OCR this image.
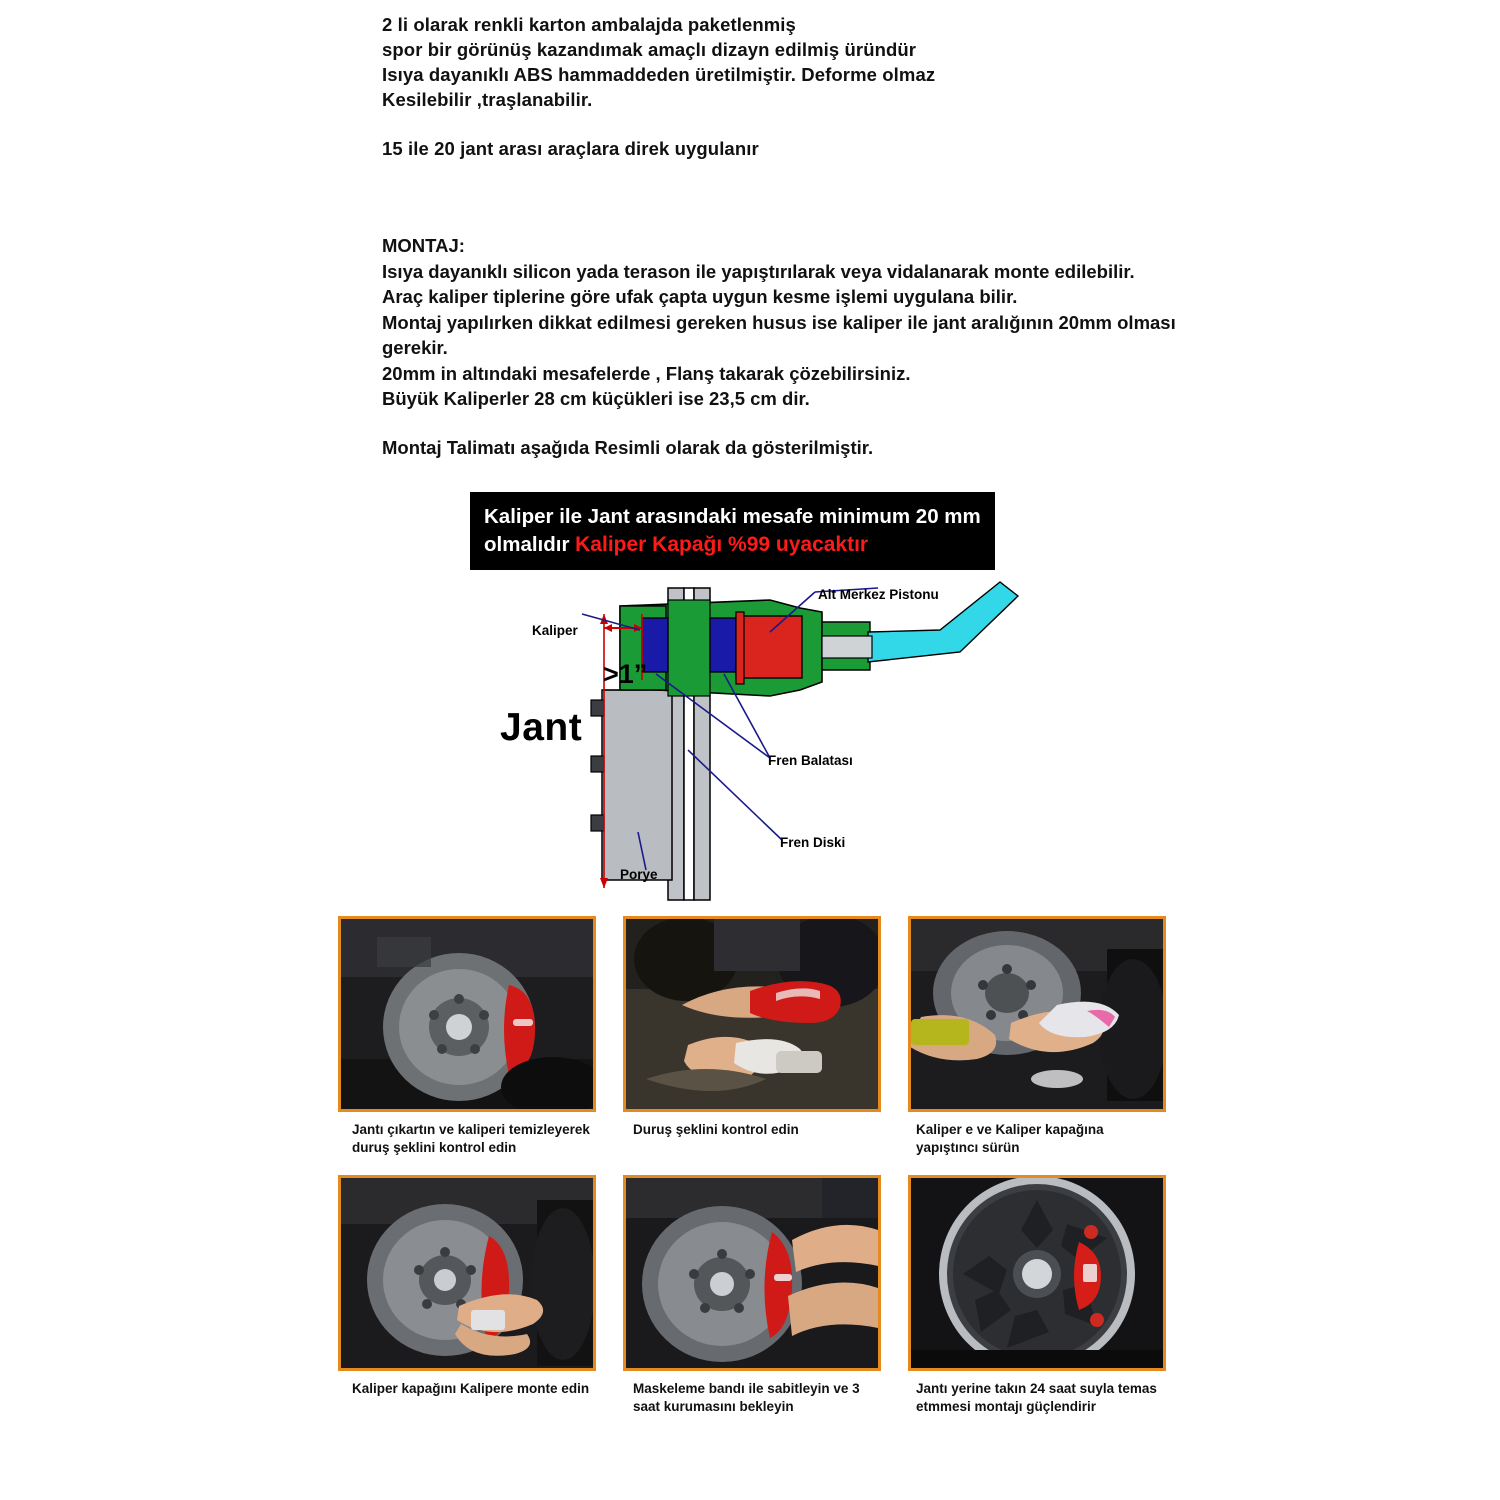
2 li olarak renkli karton ambalajda paketlenmiş

spor bir görünüş kazandımak amaçlı dizayn edilmiş üründür

Isıya dayanıklı ABS hammaddeden üretilmiştir. Deforme olmaz

Kesilebilir ,traşlanabilir.

15 ile 20 jant arası araçlara direk uygulanır

MONTAJ:

Isıya dayanıklı silicon yada terason ile yapıştırılarak veya vidalanarak monte edilebilir.

Araç kaliper tiplerine göre ufak çapta uygun kesme işlemi uygulana bilir.

Montaj yapılırken dikkat edilmesi gereken husus ise kaliper ile jant aralığının 20mm olması

gerekir.

20mm in altındaki mesafelerde , Flanş takarak çözebilirsiniz.

Büyük Kaliperler 28 cm küçükleri ise 23,5 cm dir.

Montaj Talimatı aşağıda Resimli olarak da gösterilmiştir.

Kaliper ile Jant arasındaki mesafe minimum 20 mm olmalıdır Kaliper Kapağı %99 uyacaktır
Kaliper
Alt Merkez Pistonu
Fren Balatası
Fren Diski
Porye
Jant
>1”
Jantı çıkartın ve kaliperi temizleyerek duruş şeklini kontrol edin
Duruş şeklini kontrol edin	Kaliper e ve Kaliper kapağına yapıştıncı sürün
Kaliper kapağını Kalipere monte edin	Maskeleme bandı ile sabitleyin ve 3 saat kurumasını bekleyin
Jantı yerine takın 24 saat suyla temas etmmesi montajı güçlendirir
